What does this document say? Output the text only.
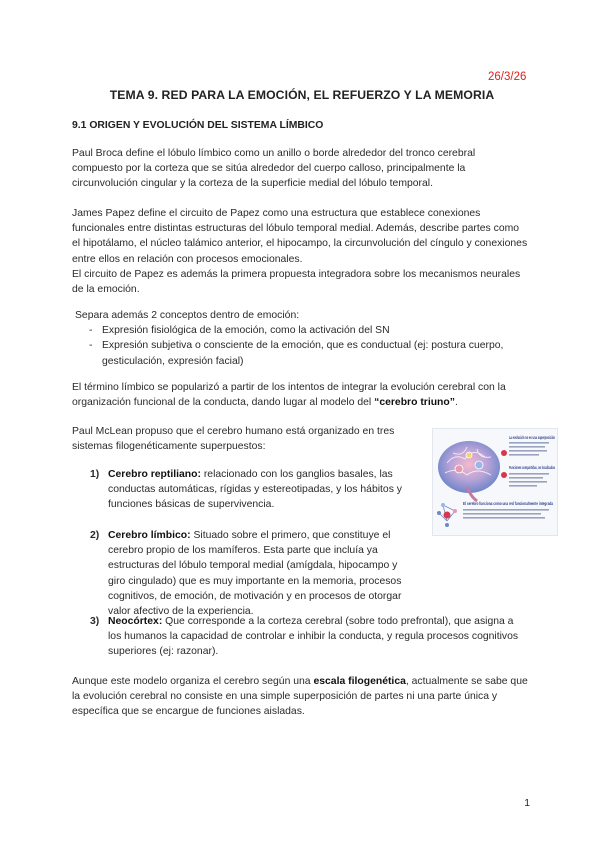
26/3/26
TEMA 9. RED PARA LA EMOCIÓN, EL REFUERZO Y LA MEMORIA
9.1 ORIGEN Y EVOLUCIÓN DEL SISTEMA LÍMBICO

Paul Broca define el lóbulo límbico como un anillo o borde alrededor del tronco cerebral compuesto por la corteza que se sitúa alrededor del cuerpo calloso, principalmente la circunvolución cingular y la corteza de la superficie medial del lóbulo temporal.

James Papez define el circuito de Papez como una estructura que establece conexiones funcionales entre distintas estructuras del lóbulo temporal medial. Además, describe partes como el hipotálamo, el núcleo talámico anterior, el hipocampo, la circunvolución del cíngulo y conexiones entre ellos en relación con procesos emocionales.

El circuito de Papez es además la primera propuesta integradora sobre los mecanismos neurales de la emoción.

Separa además 2 conceptos dentro de emoción:

- Expresión fisiológica de la emoción, como la activación del SN
- Expresión subjetiva o consciente de la emoción, que es conductual (ej: postura cuerpo, gesticulación, expresión facial)

El término límbico se popularizó a partir de los intentos de integrar la evolución cerebral con la organización funcional de la conducta, dando lugar al modelo del “cerebro triuno”.

Paul McLean propuso que el cerebro humano está organizado en tres sistemas filogenéticamente superpuestos:

1) Cerebro reptiliano: relacionado con los ganglios basales, las conductas automáticas, rígidas y estereotipadas, y los hábitos y funciones básicas de supervivencia.
2) Cerebro límbico: Situado sobre el primero, que constituye el cerebro propio de los mamíferos. Esta parte que incluía ya estructuras del lóbulo temporal medial (amígdala, hipocampo y giro cingulado) que es muy importante en la memoria, procesos cognitivos, de emoción, de motivación y en procesos de otorgar valor afectivo de la experiencia.
3) Neocórtex: Que corresponde a la corteza cerebral (sobre todo prefrontal), que asigna a los humanos la capacidad de controlar e inhibir la conducta, y regula procesos cognitivos superiores (ej: razonar).

Aunque este modelo organiza el cerebro según una escala filogenética, actualmente se sabe que la evolución cerebral no consiste en una simple superposición de partes ni una parte única y específica que se encargue de funciones aisladas.

La evolución no es una superposición
Funciones compartidas, no localizadas
El cerebro funciona como una red funcionalmente integrada
1
